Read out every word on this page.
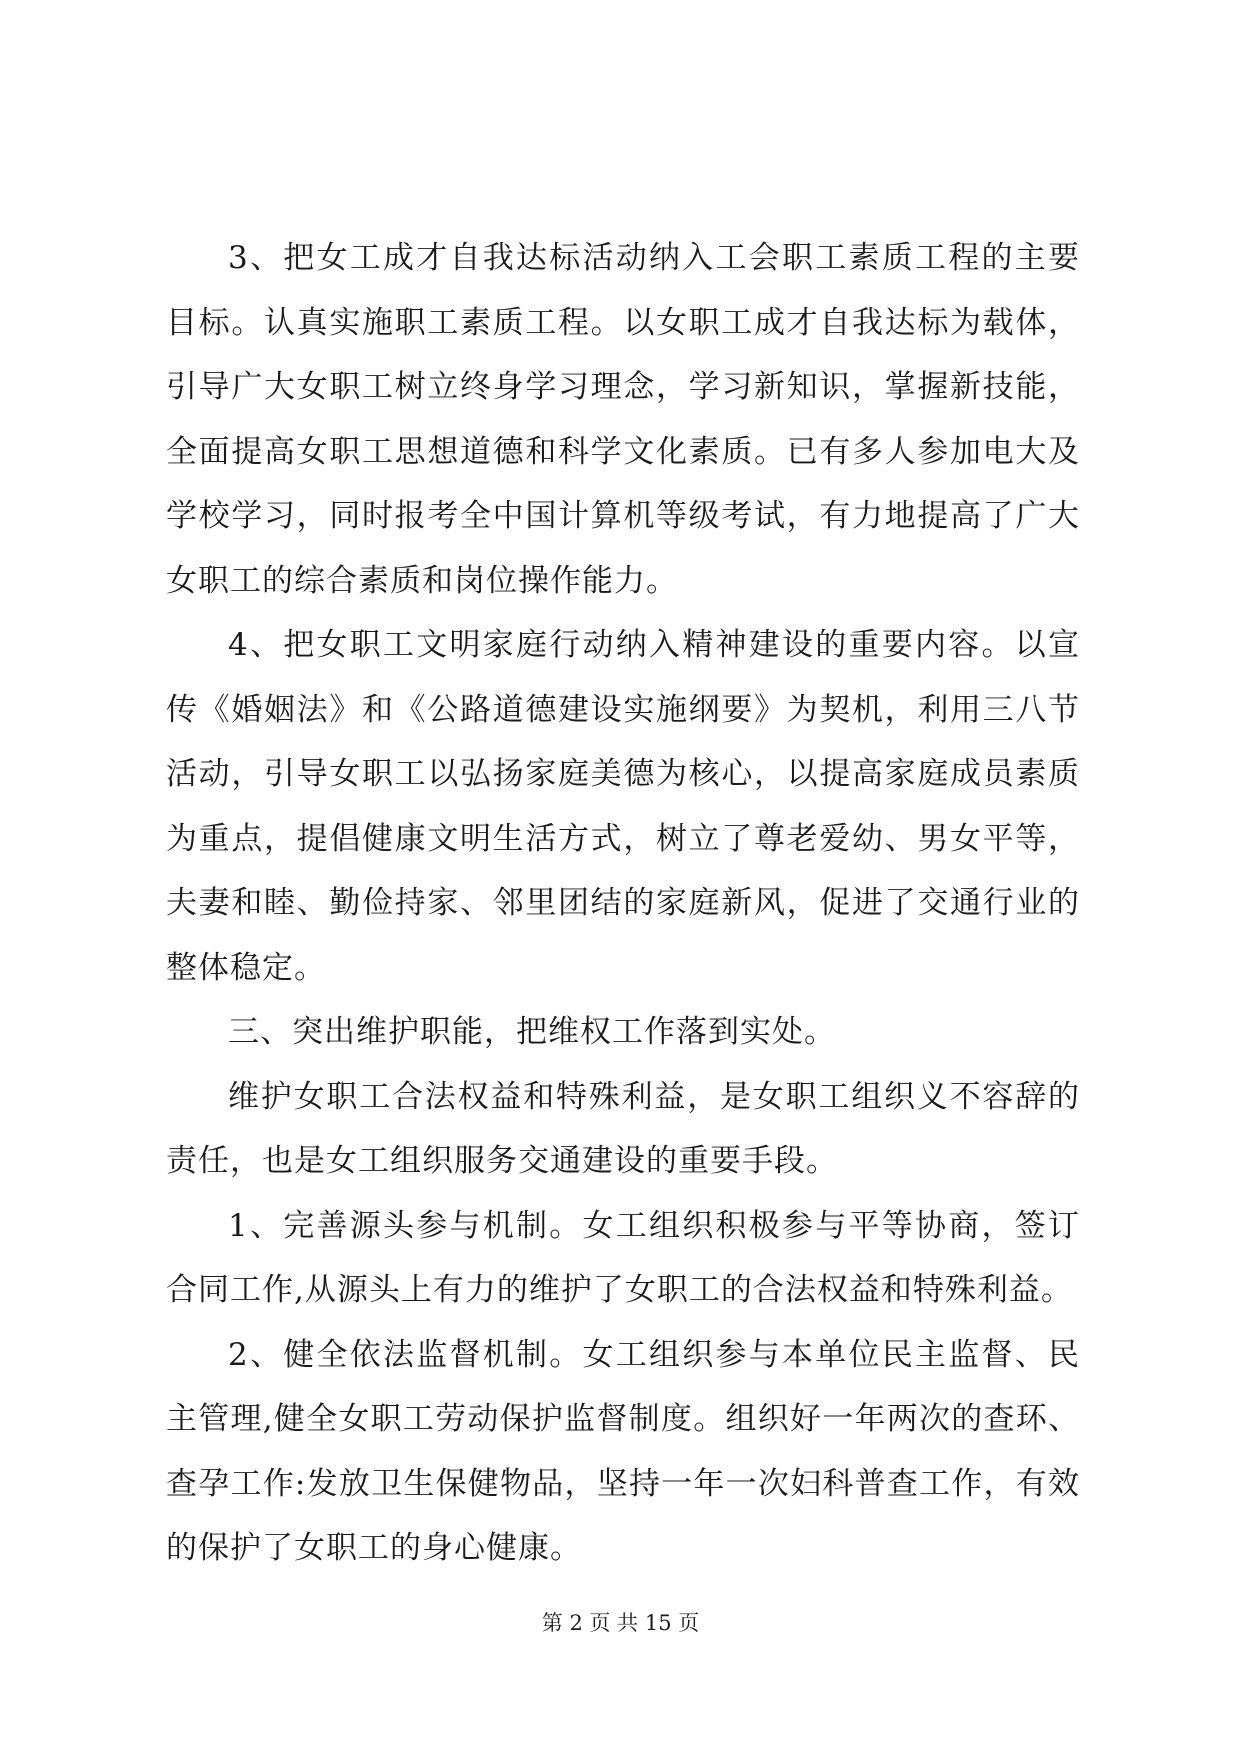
3、把女工成才自我达标活动纳入工会职工素质工程的主要目标。认真实施职工素质工程。以女职工成才自我达标为载体，引导广大女职工树立终身学习理念，学习新知识，掌握新技能，全面提高女职工思想道德和科学文化素质。已有多人参加电大及学校学习，同时报考全中国计算机等级考试，有力地提高了广大女职工的综合素质和岗位操作能力。

4、把女职工文明家庭行动纳入精神建设的重要内容。以宣传《婚姻法》和《公路道德建设实施纲要》为契机，利用三八节活动，引导女职工以弘扬家庭美德为核心，以提高家庭成员素质为重点，提倡健康文明生活方式，树立了尊老爱幼、男女平等，夫妻和睦、勤俭持家、邻里团结的家庭新风，促进了交通行业的整体稳定。

三、突出维护职能，把维权工作落到实处。

维护女职工合法权益和特殊利益，是女职工组织义不容辞的责任，也是女工组织服务交通建设的重要手段。

1、完善源头参与机制。女工组织积极参与平等协商，签订合同工作,从源头上有力的维护了女职工的合法权益和特殊利益。

2、健全依法监督机制。女工组织参与本单位民主监督、民主管理,健全女职工劳动保护监督制度。组织好一年两次的查环、查孕工作:发放卫生保健物品，坚持一年一次妇科普查工作，有效的保护了女职工的身心健康。

第 2 页 共 15 页
